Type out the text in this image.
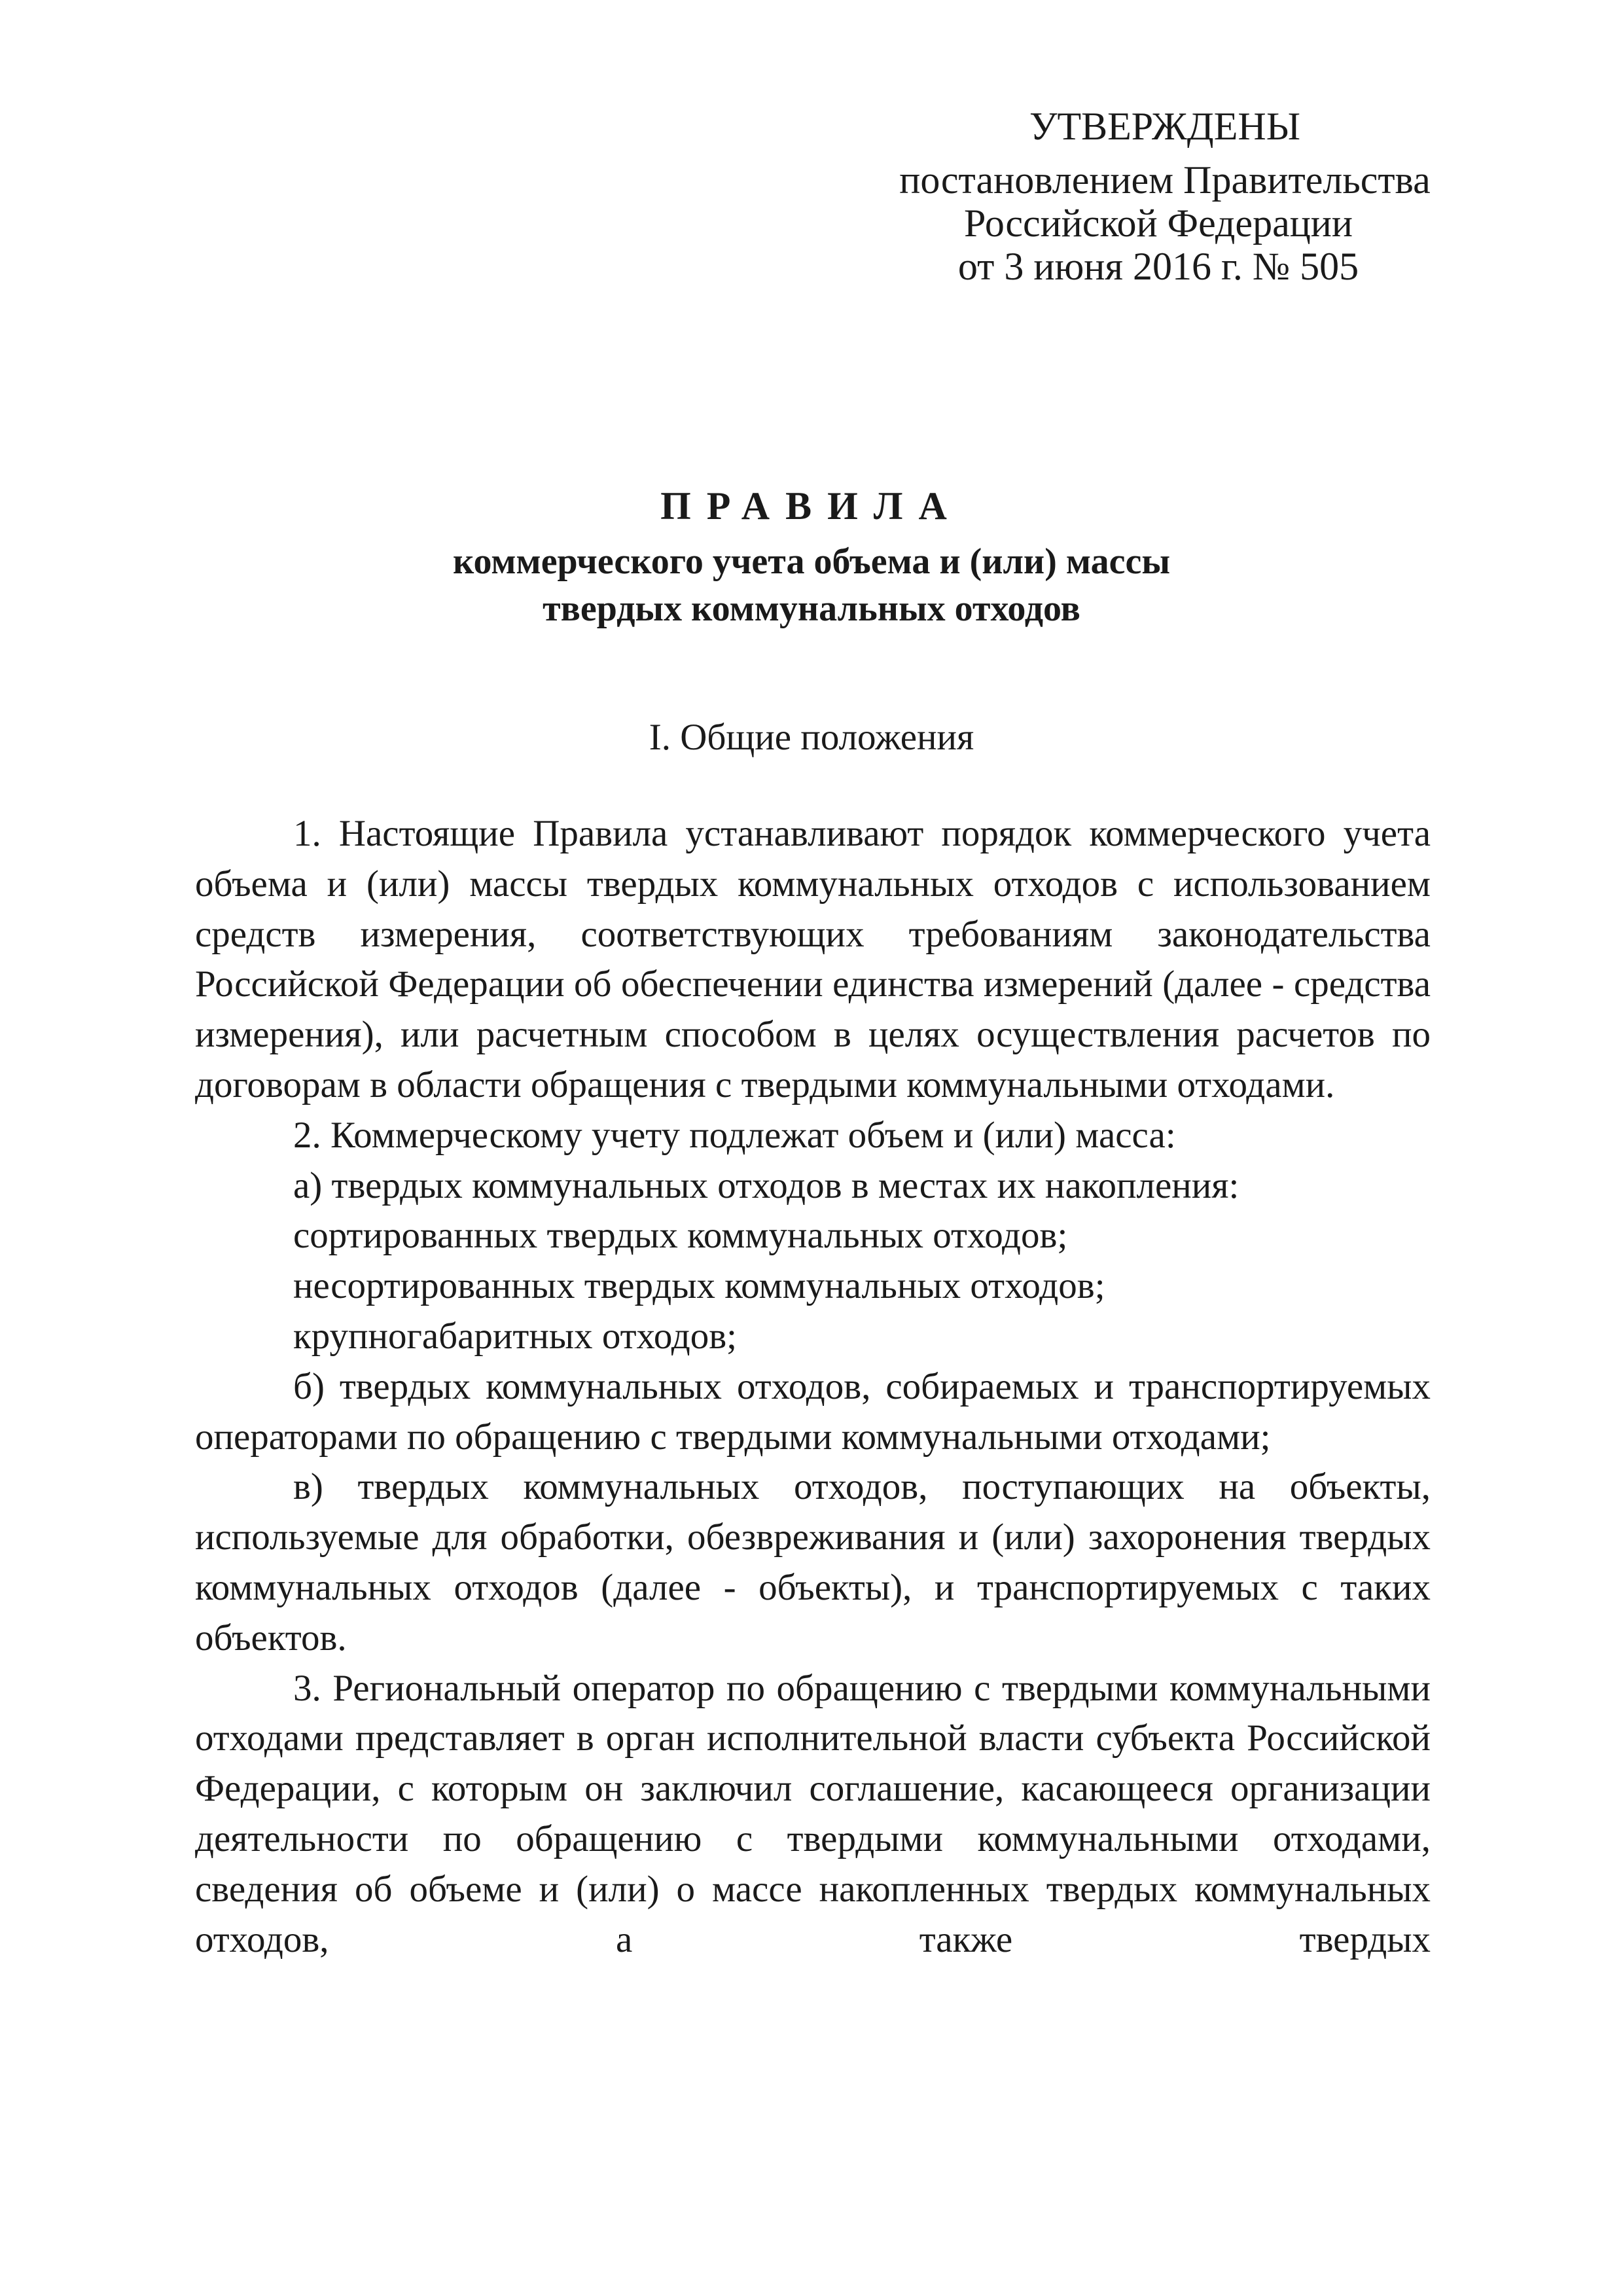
УТВЕРЖДЕНЫ
постановлением Правительства
Российской Федерации
от 3 июня 2016 г. № 505
ПРАВИЛА
коммерческого учета объема и (или) массы
твердых коммунальных отходов
I. Общие положения

1. Настоящие Правила устанавливают порядок коммерческого учета объема и (или) массы твердых коммунальных отходов с использованием средств измерения, соответствующих требованиям законодательства Российской Федерации об обеспечении единства измерений (далее - средства измерения), или расчетным способом в целях осуществления расчетов по договорам в области обращения с твердыми коммунальными отходами.

2. Коммерческому учету подлежат объем и (или) масса:

а) твердых коммунальных отходов в местах их накопления:

сортированных твердых коммунальных отходов;

несортированных твердых коммунальных отходов;

крупногабаритных отходов;

б) твердых коммунальных отходов, собираемых и транспортируемых операторами по обращению с твердыми коммунальными отходами;

в) твердых коммунальных отходов, поступающих на объекты, используемые для обработки, обезвреживания и (или) захоронения твердых коммунальных отходов (далее - объекты), и транспортируемых с таких объектов.

3. Региональный оператор по обращению с твердыми коммунальными отходами представляет в орган исполнительной власти субъекта Российской Федерации, с которым он заключил соглашение, касающееся организации деятельности по обращению с твердыми коммунальными отходами, сведения об объеме и (или) о массе накопленных твердых коммунальных отходов, а также твердых
